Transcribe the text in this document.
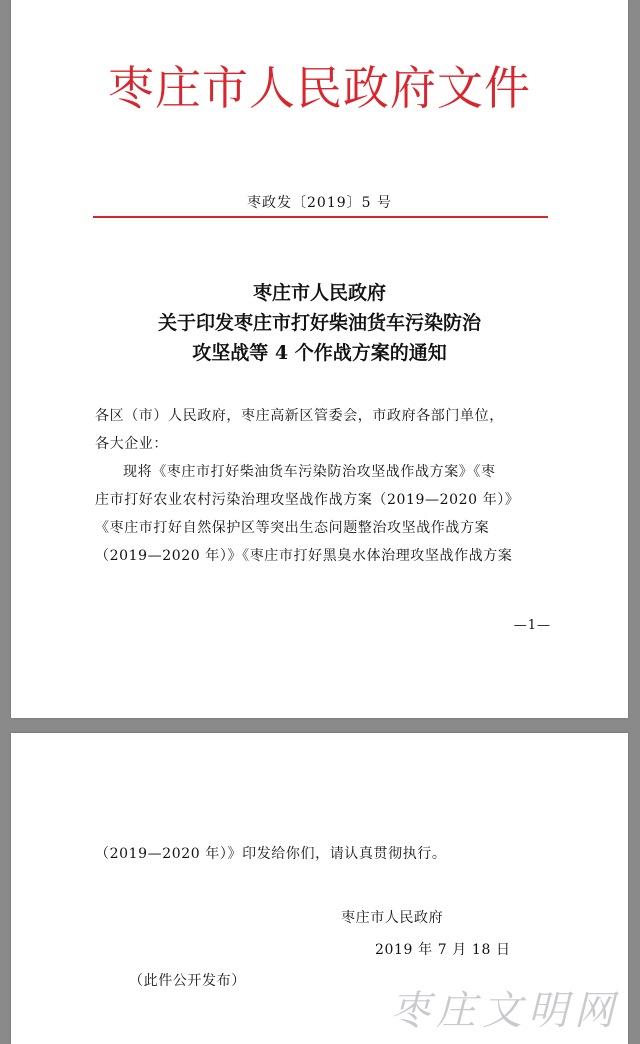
枣庄市人民政府文件
枣政发〔2019〕5 号
枣庄市人民政府
关于印发枣庄市打好柴油货车污染防治
攻坚战等 4 个作战方案的通知

各区（市）人民政府，枣庄高新区管委会，市政府各部门单位，

各大企业：

现将《枣庄市打好柴油货车污染防治攻坚战作战方案》《枣

庄市打好农业农村污染治理攻坚战作战方案（2019—2020 年）》

《枣庄市打好自然保护区等突出生态问题整治攻坚战作战方案

（2019—2020 年）》《枣庄市打好黑臭水体治理攻坚战作战方案

—1—
（2019—2020 年）》印发给你们，请认真贯彻执行。
枣庄市人民政府
2019 年 7 月 18 日
（此件公开发布）
枣庄文明网
